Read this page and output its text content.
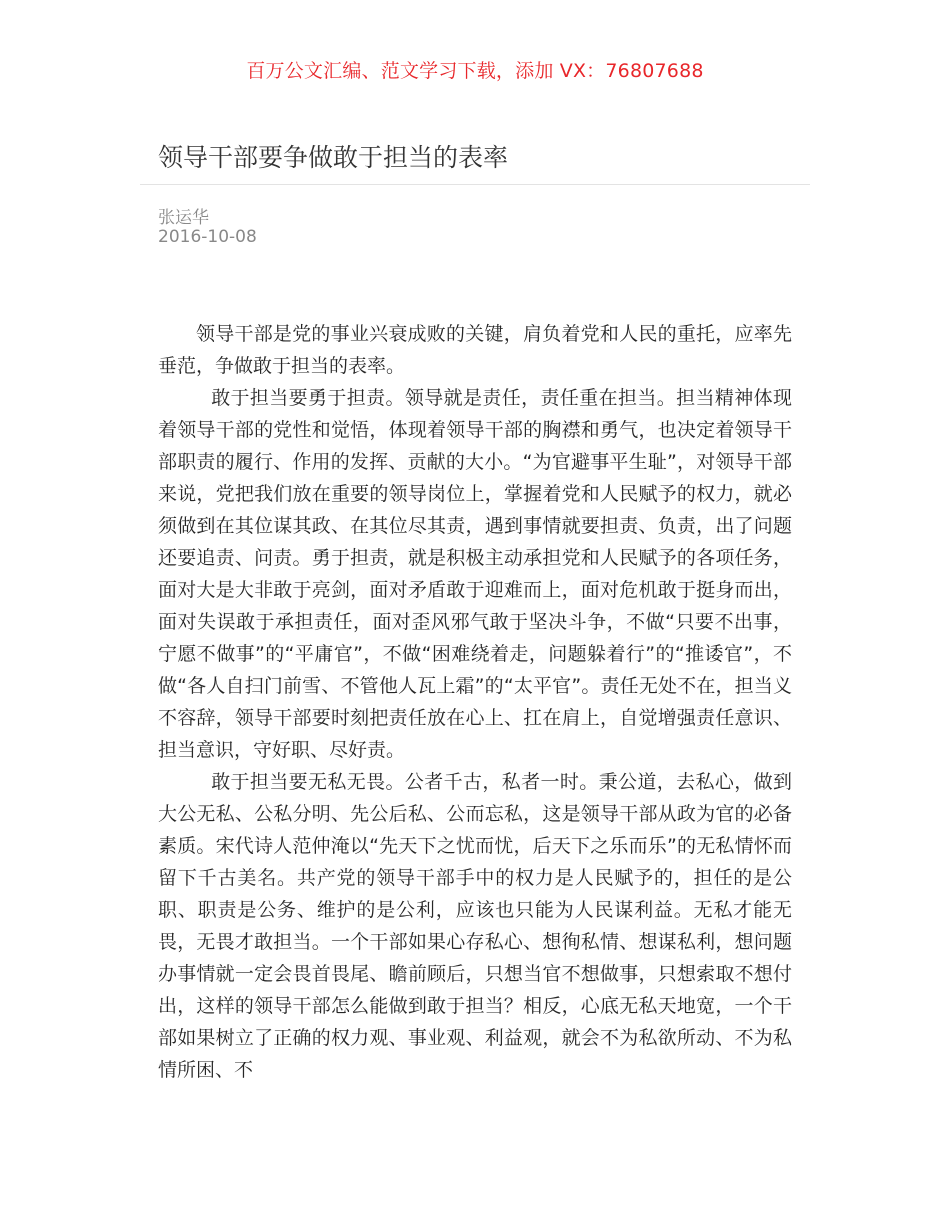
百万公文汇编、范文学习下载，添加 VX：76807688
领导干部要争做敢于担当的表率
张运华
2016-10-08

领导干部是党的事业兴衰成败的关键，肩负着党和人民的重托，应率先垂范，争做敢于担当的表率。

敢于担当要勇于担责。领导就是责任，责任重在担当。担当精神体现着领导干部的党性和觉悟，体现着领导干部的胸襟和勇气，也决定着领导干部职责的履行、作用的发挥、贡献的大小。“为官避事平生耻”，对领导干部来说，党把我们放在重要的领导岗位上，掌握着党和人民赋予的权力，就必须做到在其位谋其政、在其位尽其责，遇到事情就要担责、负责，出了问题还要追责、问责。勇于担责，就是积极主动承担党和人民赋予的各项任务，面对大是大非敢于亮剑，面对矛盾敢于迎难而上，面对危机敢于挺身而出，面对失误敢于承担责任，面对歪风邪气敢于坚决斗争，不做“只要不出事，宁愿不做事”的“平庸官”，不做“困难绕着走，问题躲着行”的“推诿官”，不做“各人自扫门前雪、不管他人瓦上霜”的“太平官”。责任无处不在，担当义不容辞，领导干部要时刻把责任放在心上、扛在肩上，自觉增强责任意识、担当意识，守好职、尽好责。

敢于担当要无私无畏。公者千古，私者一时。秉公道，去私心，做到大公无私、公私分明、先公后私、公而忘私，这是领导干部从政为官的必备素质。宋代诗人范仲淹以“先天下之忧而忧，后天下之乐而乐”的无私情怀而留下千古美名。共产党的领导干部手中的权力是人民赋予的，担任的是公职、职责是公务、维护的是公利，应该也只能为人民谋利益。无私才能无畏，无畏才敢担当。一个干部如果心存私心、想徇私情、想谋私利，想问题办事情就一定会畏首畏尾、瞻前顾后，只想当官不想做事，只想索取不想付出，这样的领导干部怎么能做到敢于担当？相反，心底无私天地宽，一个干部如果树立了正确的权力观、事业观、利益观，就会不为私欲所动、不为私情所困、不
